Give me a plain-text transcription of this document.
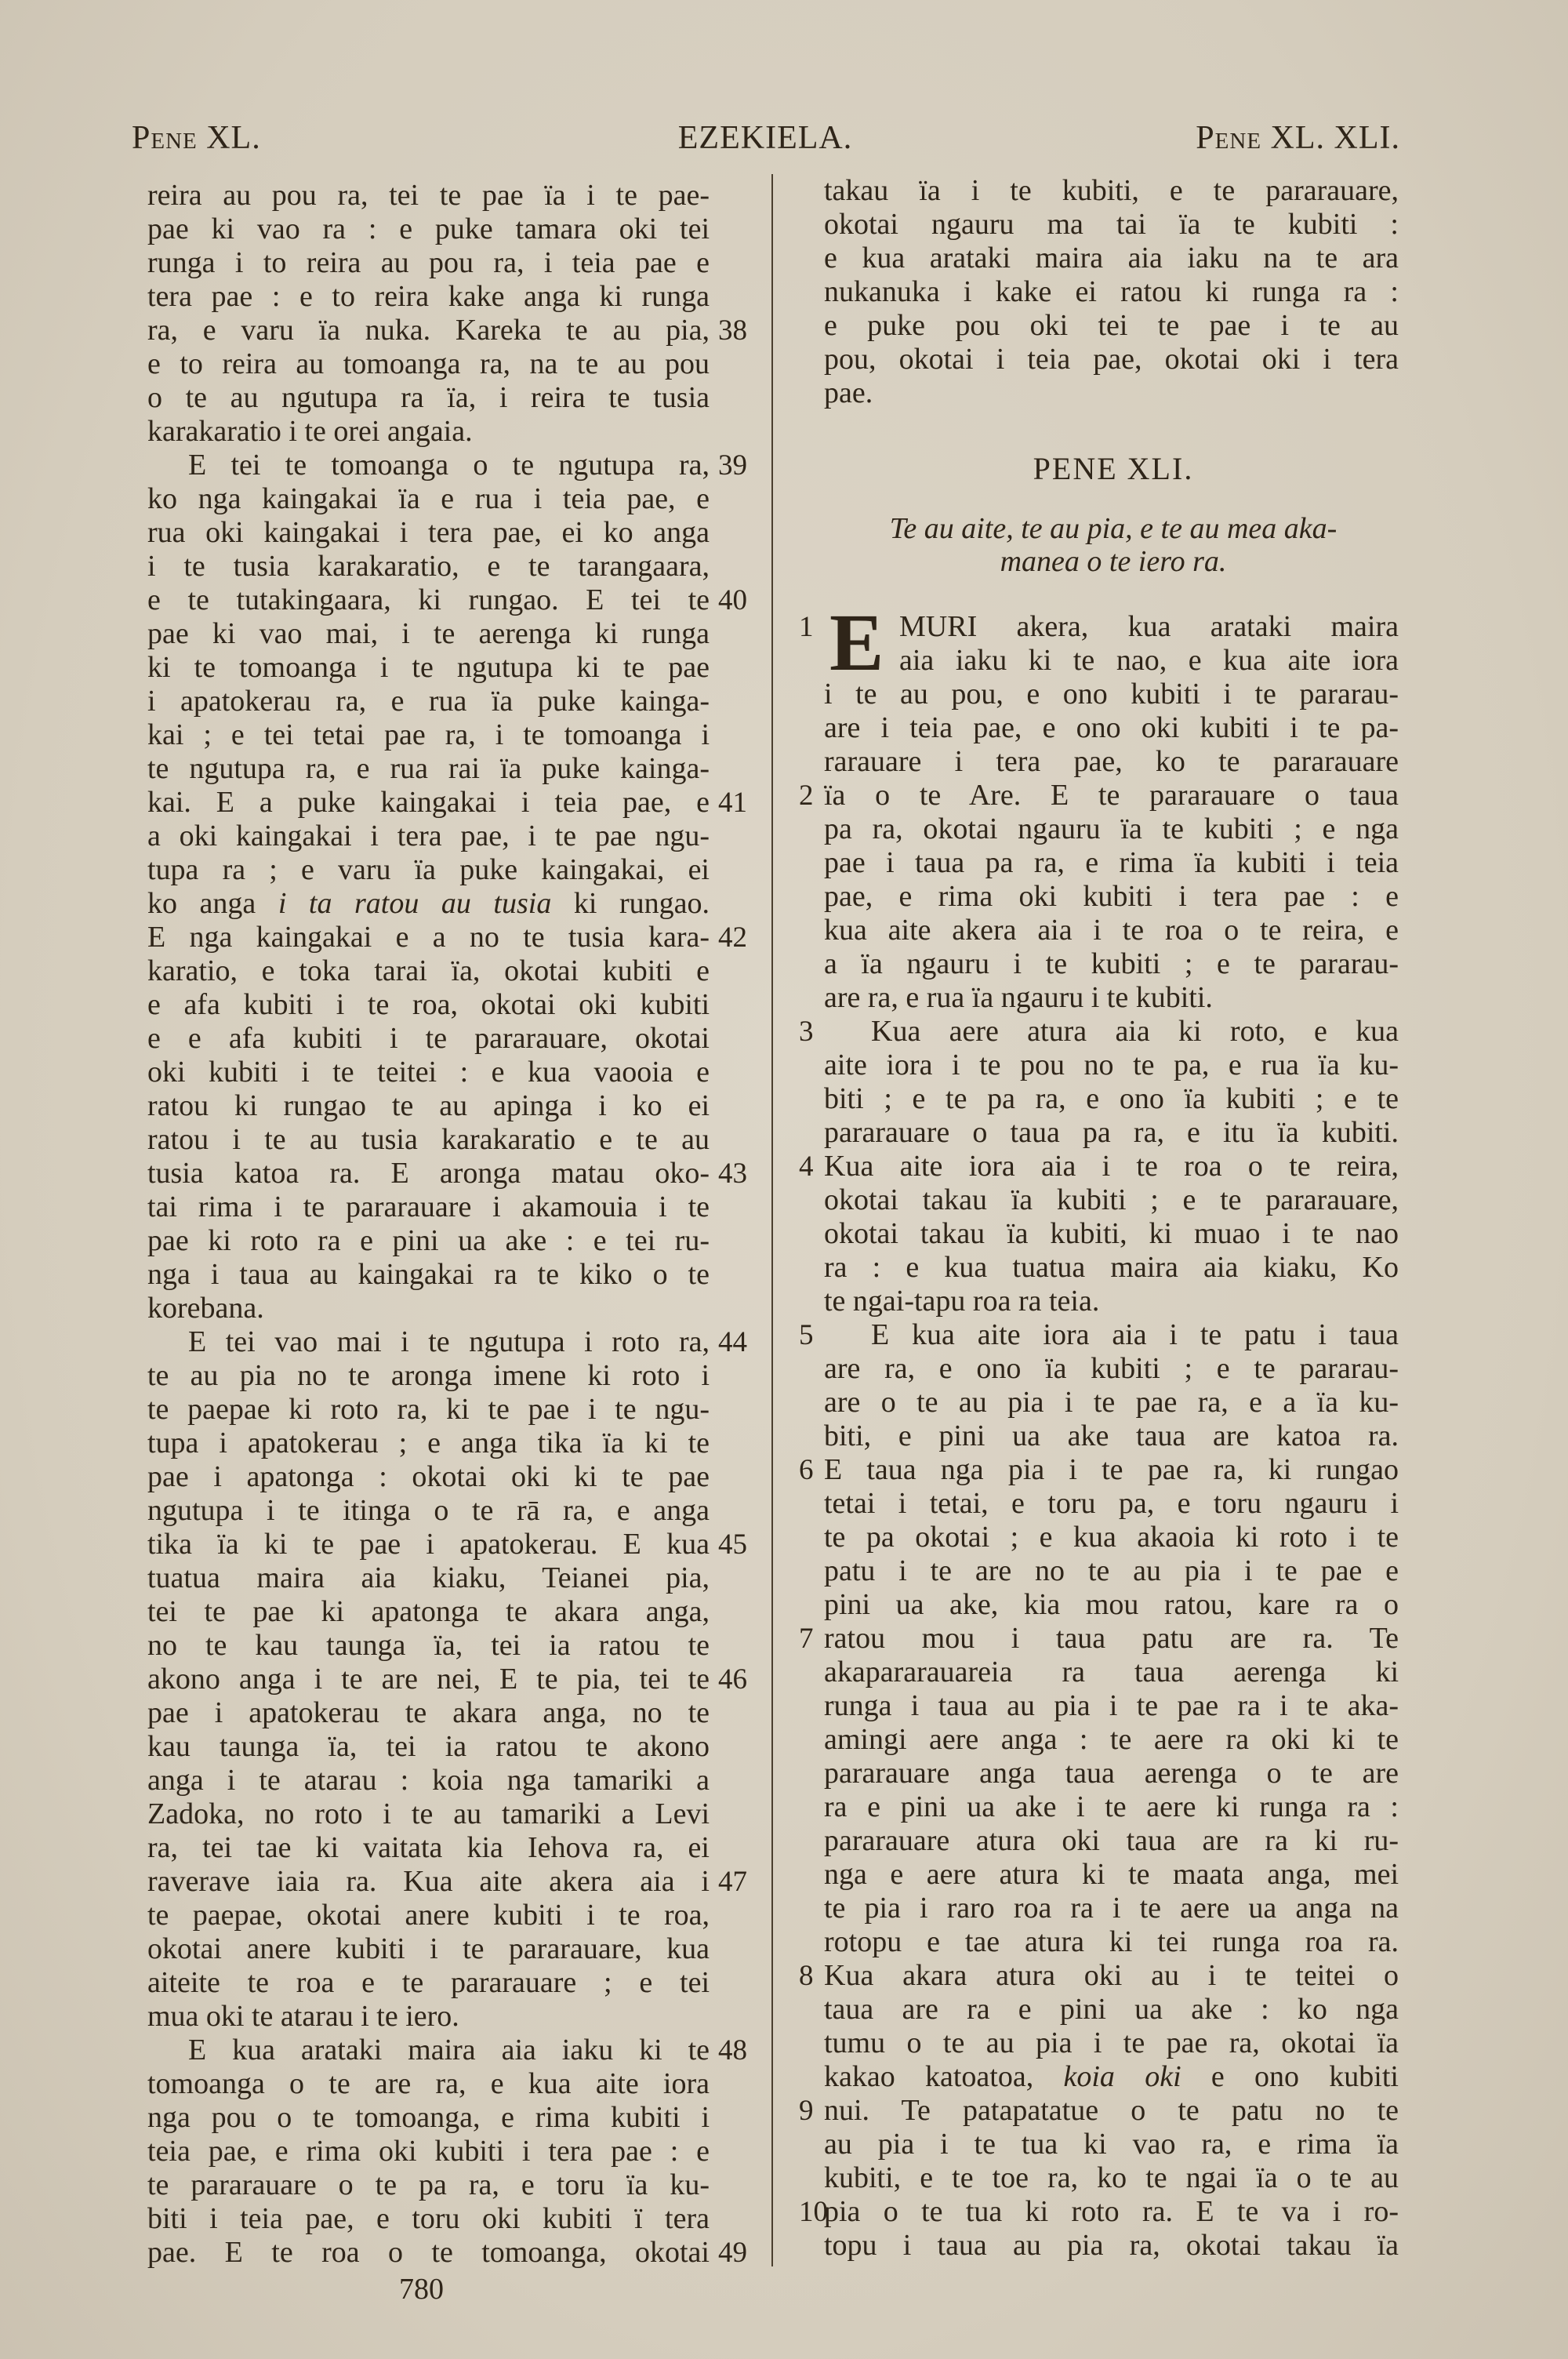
Pene XL.	EZEKIELA.	Pene XL. XLI.
reira au pou ra, tei te pae ïa i te pae-
pae ki vao ra : e puke tamara oki tei
runga i to reira au pou ra, i teia pae e
tera pae : e to reira kake anga ki runga
38
ra, e varu ïa nuka. Kareka te au pia,
e to reira au tomoanga ra, na te au pou
o te au ngutupa ra ïa, i reira te tusia
karakaratio i te orei angaia.
39
E tei te tomoanga o te ngutupa ra,
ko nga kaingakai ïa e rua i teia pae, e
rua oki kaingakai i tera pae, ei ko anga
i te tusia karakaratio, e te tarangaara,
40
e te tutakingaara, ki rungao. E tei te
pae ki vao mai, i te aerenga ki runga
ki te tomoanga i te ngutupa ki te pae
i apatokerau ra, e rua ïa puke kainga-
kai ; e tei tetai pae ra, i te tomoanga i
te ngutupa ra, e rua rai ïa puke kainga-
41
kai. E a puke kaingakai i teia pae, e
a oki kaingakai i tera pae, i te pae ngu-
tupa ra ; e varu ïa puke kaingakai, ei
ko anga i ta ratou au tusia ki rungao.
42
E nga kaingakai e a no te tusia kara-
karatio, e toka tarai ïa, okotai kubiti e
e afa kubiti i te roa, okotai oki kubiti
e e afa kubiti i te pararauare, okotai
oki kubiti i te teitei : e kua vaooia e
ratou ki rungao te au apinga i ko ei
ratou i te au tusia karakaratio e te au
43
tusia katoa ra. E aronga matau oko-
tai rima i te pararauare i akamouia i te
pae ki roto ra e pini ua ake : e tei ru-
nga i taua au kaingakai ra te kiko o te
korebana.
44
E tei vao mai i te ngutupa i roto ra,
te au pia no te aronga imene ki roto i
te paepae ki roto ra, ki te pae i te ngu-
tupa i apatokerau ; e anga tika ïa ki te
pae i apatonga : okotai oki ki te pae
ngutupa i te itinga o te rā ra, e anga
45
tika ïa ki te pae i apatokerau. E kua
tuatua maira aia kiaku, Teianei pia,
tei te pae ki apatonga te akara anga,
no te kau taunga ïa, tei ia ratou te
46
akono anga i te are nei, E te pia, tei te
pae i apatokerau te akara anga, no te
kau taunga ïa, tei ia ratou te akono
anga i te atarau : koia nga tamariki a
Zadoka, no roto i te au tamariki a Levi
ra, tei tae ki vaitata kia Iehova ra, ei
47
raverave iaia ra. Kua aite akera aia i
te paepae, okotai anere kubiti i te roa,
okotai anere kubiti i te pararauare, kua
aiteite te roa e te pararauare ; e tei
mua oki te atarau i te iero.
48
E kua arataki maira aia iaku ki te
tomoanga o te are ra, e kua aite iora
nga pou o te tomoanga, e rima kubiti i
teia pae, e rima oki kubiti i tera pae : e
te pararauare o te pa ra, e toru ïa ku-
biti i teia pae, e toru oki kubiti ï tera
49
pae. E te roa o te tomoanga, okotai
takau ïa i te kubiti, e te pararauare,
okotai ngauru ma tai ïa te kubiti :
e kua arataki maira aia iaku na te ara
nukanuka i kake ei ratou ki runga ra :
e puke pou oki tei te pae i te au
pou, okotai i teia pae, okotai oki i tera
pae.
1	MURI akera, kua arataki maira
aia iaku ki te nao, e kua aite iora
i te au pou, e ono kubiti i te pararau-
are i teia pae, e ono oki kubiti i te pa-
rarauare i tera pae, ko te pararauare
2 ïa o te Are. E te pararauare o taua
pa ra, okotai ngauru ïa te kubiti ; e nga
pae i taua pa ra, e rima ïa kubiti i teia
pae, e rima oki kubiti i tera pae : e
kua aite akera aia i te roa o te reira, e
a ïa ngauru i te kubiti ; e te pararau-
are ra, e rua ïa ngauru i te kubiti.
3	Kua aere atura aia ki roto, e kua
aite iora i te pou no te pa, e rua ïa ku-
biti ; e te pa ra, e ono ïa kubiti ; e te
pararauare o taua pa ra, e itu ïa kubiti.
4 Kua aite iora aia i te roa o te reira,
okotai takau ïa kubiti ; e te pararauare,
okotai takau ïa kubiti, ki muao i te nao
ra : e kua tuatua maira aia kiaku, Ko
te ngai-tapu roa ra teia.
5	E kua aite iora aia i te patu i taua
are ra, e ono ïa kubiti ; e te pararau-
are o te au pia i te pae ra, e a ïa ku-
biti, e pini ua ake taua are katoa ra.
6 E taua nga pia i te pae ra, ki rungao
tetai i tetai, e toru pa, e toru ngauru i
te pa okotai ; e kua akaoia ki roto i te
patu i te are no te au pia i te pae e
pini ua ake, kia mou ratou, kare ra o
7 ratou mou i taua patu are ra. Te
akapararauareia ra taua aerenga ki
runga i taua au pia i te pae ra i te aka-
amingi aere anga : te aere ra oki ki te
pararauare anga taua aerenga o te are
ra e pini ua ake i te aere ki runga ra :
pararauare atura oki taua are ra ki ru-
nga e aere atura ki te maata anga, mei
te pia i raro roa ra i te aere ua anga na
rotopu e tae atura ki tei runga roa ra.
8 Kua akara atura oki au i te teitei o
taua are ra e pini ua ake : ko nga
tumu o te au pia i te pae ra, okotai ïa
kakao katoatoa, koia oki e ono kubiti
9 nui. Te patapatatue o te patu no te
au pia i te tua ki vao ra, e rima ïa
kubiti, e te toe ra, ko te ngai ïa o te au
10
pia o te tua ki roto ra. E te va i ro-
topu i taua au pia ra, okotai takau ïa
PENE XLI.
Te au aite, te au pia, e te au mea aka-
manea o te iero ra.
E
780
